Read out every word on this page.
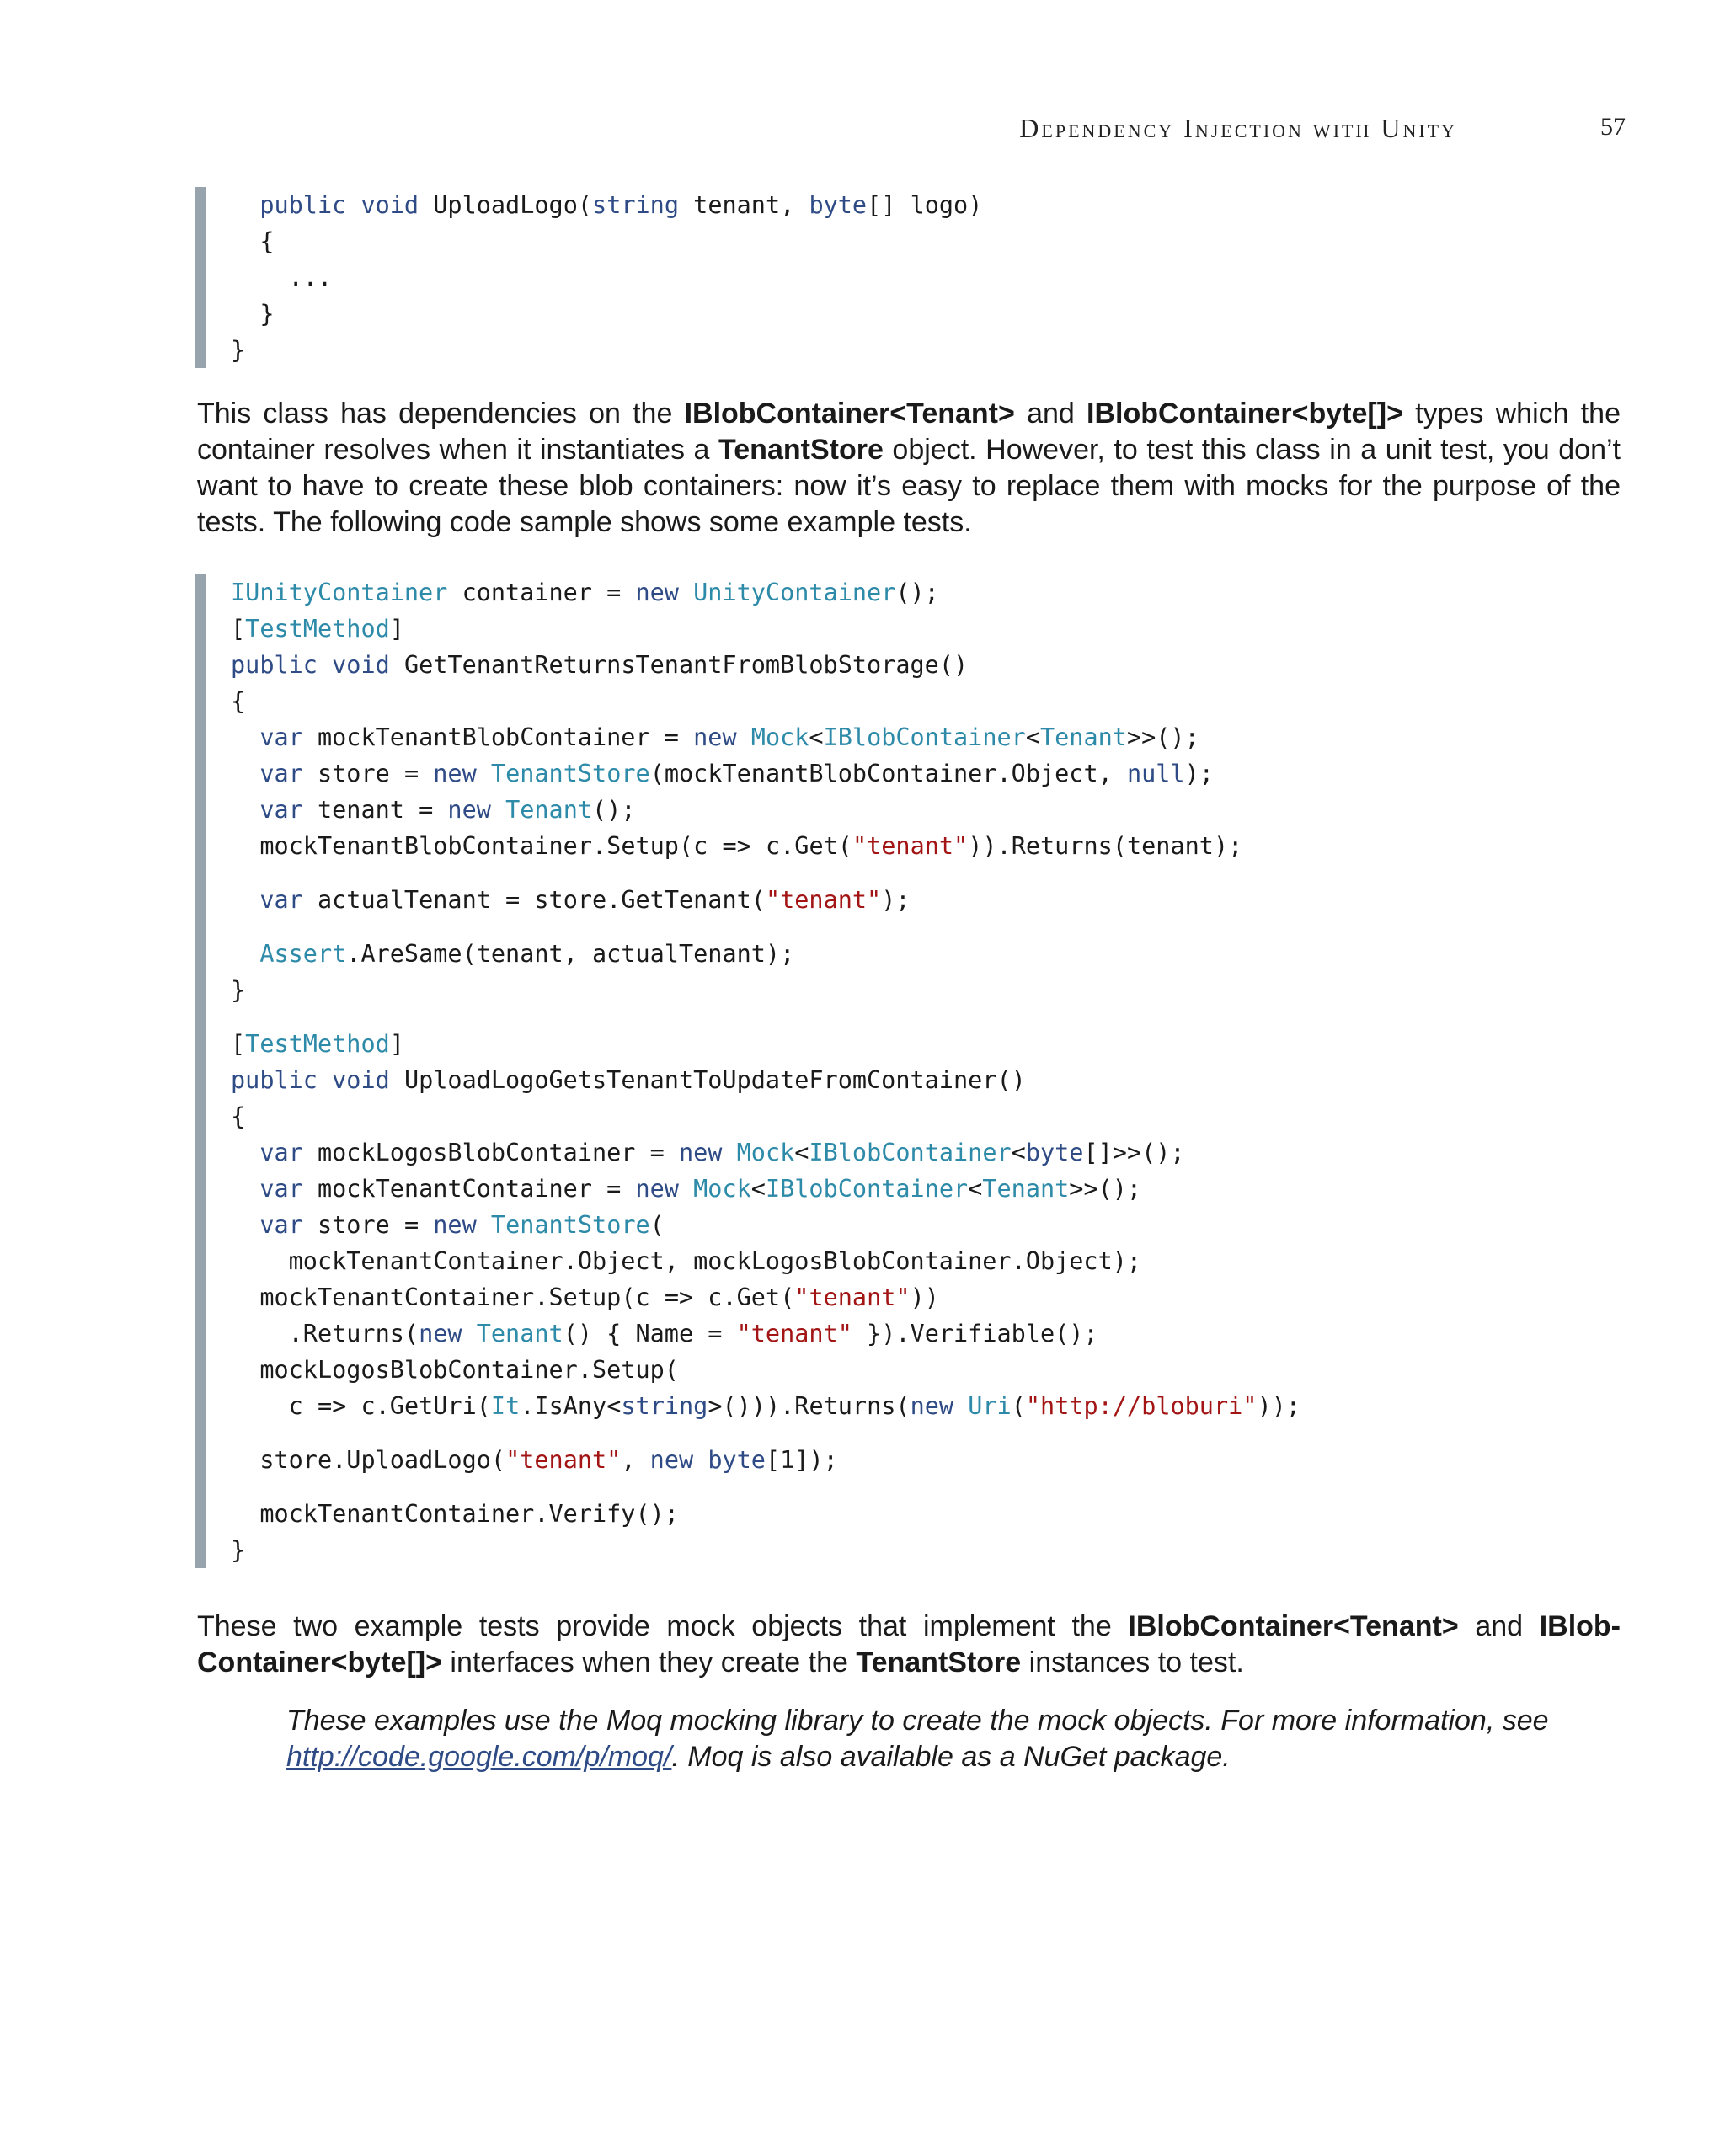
Dependency Injection with Unity	57
public void UploadLogo(string tenant, byte[] logo)
{
...
}
}
This class has dependencies on the IBlobContainer<Tenant> and IBlobContainer<byte[]> types which the container resolves when it instantiates a TenantStore object. However, to test this class in a unit test, you don’t want to have to create these blob containers: now it’s easy to replace them with mocks for the purpose of the tests. The following code sample shows some example tests.
IUnityContainer container = new UnityContainer();
[TestMethod]
public void GetTenantReturnsTenantFromBlobStorage()
{
var mockTenantBlobContainer = new Mock<IBlobContainer<Tenant>>();
var store = new TenantStore(mockTenantBlobContainer.Object, null);
var tenant = new Tenant();
mockTenantBlobContainer.Setup(c => c.Get("tenant")).Returns(tenant);
var actualTenant = store.GetTenant("tenant");
Assert.AreSame(tenant, actualTenant);
}
[TestMethod]
public void UploadLogoGetsTenantToUpdateFromContainer()
{
var mockLogosBlobContainer = new Mock<IBlobContainer<byte[]>>();
var mockTenantContainer = new Mock<IBlobContainer<Tenant>>();
var store = new TenantStore(
mockTenantContainer.Object, mockLogosBlobContainer.Object);
mockTenantContainer.Setup(c => c.Get("tenant"))
.Returns(new Tenant() { Name = "tenant" }).Verifiable();
mockLogosBlobContainer.Setup(
c => c.GetUri(It.IsAny<string>())).Returns(new Uri("http://bloburi"));
store.UploadLogo("tenant", new byte[1]);
mockTenantContainer.Verify();
}
These two example tests provide mock objects that implement the IBlobContainer<Tenant> and IBlob-Container<byte[]> interfaces when they create the TenantStore instances to test.
These examples use the Moq mocking library to create the mock objects. For more information, see http://code.google.com/p/moq/. Moq is also available as a NuGet package.
